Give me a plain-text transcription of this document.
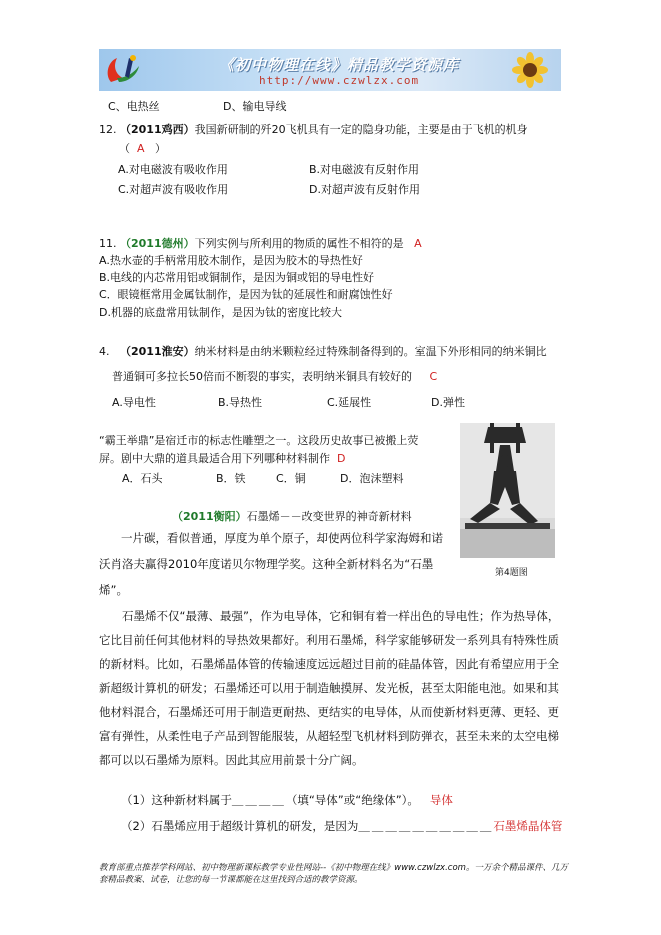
《初中物理在线》精品教学资源库
http://www.czwlzx.com
C、电热丝	D、输电导线
12. （2011鸡西）我国新研制的歼20飞机具有一定的隐身功能，主要是由于飞机的机身
（ A ）
A.对电磁波有吸收作用	B.对电磁波有反射作用
C.对超声波有吸收作用	D.对超声波有反射作用
11. （2011德州）下列实例与所利用的物质的属性不相符的是 A
A.热水壶的手柄常用胶木制作，是因为胶木的导热性好
B.电线的内芯常用铝或铜制作，是因为铜或铝的导电性好
C．眼镜框常用金属钛制作，是因为钛的延展性和耐腐蚀性好
D.机器的底盘常用钛制作，是因为钛的密度比较大
4. （2011淮安）纳米材料是由纳米颗粒经过特殊制备得到的。室温下外形相同的纳米铜比
普通铜可多拉长50倍而不断裂的事实，表明纳米铜具有较好的 C
A.导电性	B.导热性	C.延展性	D.弹性
“霸王举鼎”是宿迁市的标志性雕塑之一。这段历史故事已被搬上荧
屏。剧中大鼎的道具最适合用下列哪种材料制作 D
A．石头	B．铁	C．铜	D．泡沫塑料
第4题图
（2011衡阳）石墨烯－－改变世界的神奇新材料
一片碳，看似普通，厚度为单个原子，却使两位科学家海姆和诺
沃肖洛夫赢得2010年度诺贝尔物理学奖。这种全新材料名为“石墨
烯”。
石墨烯不仅“最薄、最强”，作为电导体，它和铜有着一样出色的导电性；作为热导体，它比目前任何其他材料的导热效果都好。利用石墨烯，科学家能够研发一系列具有特殊性质的新材料。比如，石墨烯晶体管的传输速度远远超过目前的硅晶体管，因此有希望应用于全新超级计算机的研发；石墨烯还可以用于制造触摸屏、发光板，甚至太阳能电池。如果和其他材料混合，石墨烯还可用于制造更耐热、更结实的电导体，从而使新材料更薄、更轻、更富有弹性，从柔性电子产品到智能服装，从超轻型飞机材料到防弹衣，甚至未来的太空电梯都可以以石墨烯为原料。因此其应用前景十分广阔。
（1）这种新材料属于＿＿＿＿（填“导体”或“绝缘体”）。 导体
（2）石墨烯应用于超级计算机的研发，是因为＿＿＿＿＿＿＿＿＿＿石墨烯晶体管
教育部重点推荐学科网站、初中物理新课标教学专业性网站--《初中物理在线》www.czwlzx.com。一万余个精品课件、几万套精品教案、试卷，让您的每一节课都能在这里找到合适的教学资源。
